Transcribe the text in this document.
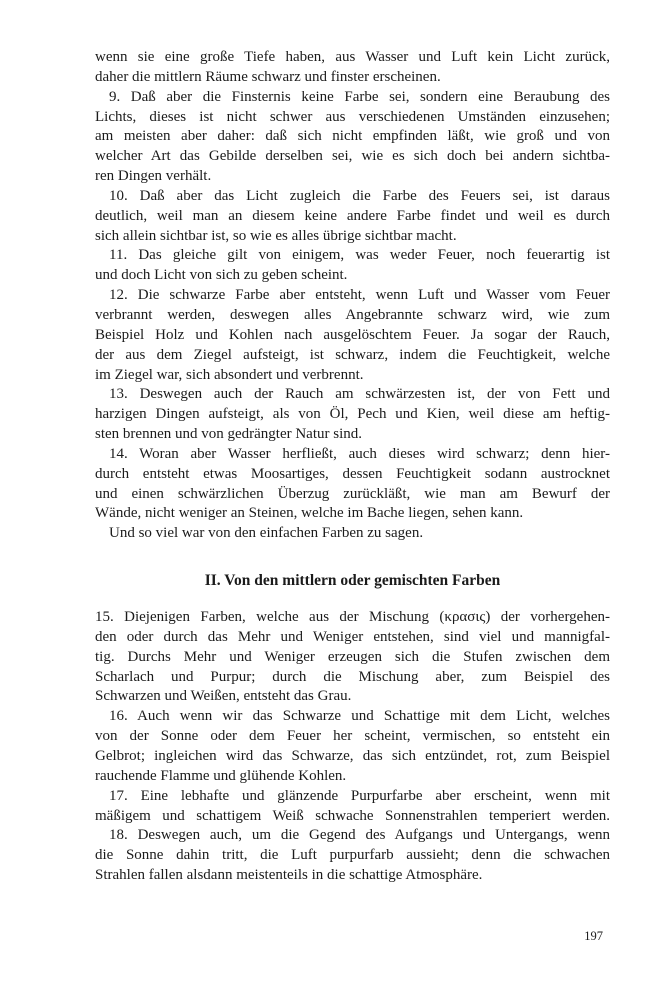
wenn sie eine große Tiefe haben, aus Wasser und Luft kein Licht zurück,
daher die mittlern Räume schwarz und finster erscheinen.
9. Daß aber die Finsternis keine Farbe sei, sondern eine Beraubung des
Lichts, dieses ist nicht schwer aus verschiedenen Umständen einzusehen;
am meisten aber daher: daß sich nicht empfinden läßt, wie groß und von
welcher Art das Gebilde derselben sei, wie es sich doch bei andern sichtba-
ren Dingen verhält.
10. Daß aber das Licht zugleich die Farbe des Feuers sei, ist daraus
deutlich, weil man an diesem keine andere Farbe findet und weil es durch
sich allein sichtbar ist, so wie es alles übrige sichtbar macht.
11. Das gleiche gilt von einigem, was weder Feuer, noch feuerartig ist
und doch Licht von sich zu geben scheint.
12. Die schwarze Farbe aber entsteht, wenn Luft und Wasser vom Feuer
verbrannt werden, deswegen alles Angebrannte schwarz wird, wie zum
Beispiel Holz und Kohlen nach ausgelöschtem Feuer. Ja sogar der Rauch,
der aus dem Ziegel aufsteigt, ist schwarz, indem die Feuchtigkeit, welche
im Ziegel war, sich absondert und verbrennt.
13. Deswegen auch der Rauch am schwärzesten ist, der von Fett und
harzigen Dingen aufsteigt, als von Öl, Pech und Kien, weil diese am heftig-
sten brennen und von gedrängter Natur sind.
14. Woran aber Wasser herfließt, auch dieses wird schwarz; denn hier-
durch entsteht etwas Moosartiges, dessen Feuchtigkeit sodann austrocknet
und einen schwärzlichen Überzug zurückläßt, wie man am Bewurf der
Wände, nicht weniger an Steinen, welche im Bache liegen, sehen kann.
Und so viel war von den einfachen Farben zu sagen.
II. Von den mittlern oder gemischten Farben
15. Diejenigen Farben, welche aus der Mischung (κρασις) der vorhergehen-
den oder durch das Mehr und Weniger entstehen, sind viel und mannigfal-
tig. Durchs Mehr und Weniger erzeugen sich die Stufen zwischen dem
Scharlach und Purpur; durch die Mischung aber, zum Beispiel des
Schwarzen und Weißen, entsteht das Grau.
16. Auch wenn wir das Schwarze und Schattige mit dem Licht, welches
von der Sonne oder dem Feuer her scheint, vermischen, so entsteht ein
Gelbrot; ingleichen wird das Schwarze, das sich entzündet, rot, zum Beispiel
rauchende Flamme und glühende Kohlen.
17. Eine lebhafte und glänzende Purpurfarbe aber erscheint, wenn mit
mäßigem und schattigem Weiß schwache Sonnenstrahlen temperiert werden.
18. Deswegen auch, um die Gegend des Aufgangs und Untergangs, wenn
die Sonne dahin tritt, die Luft purpurfarb aussieht; denn die schwachen
Strahlen fallen alsdann meistenteils in die schattige Atmosphäre.
197
